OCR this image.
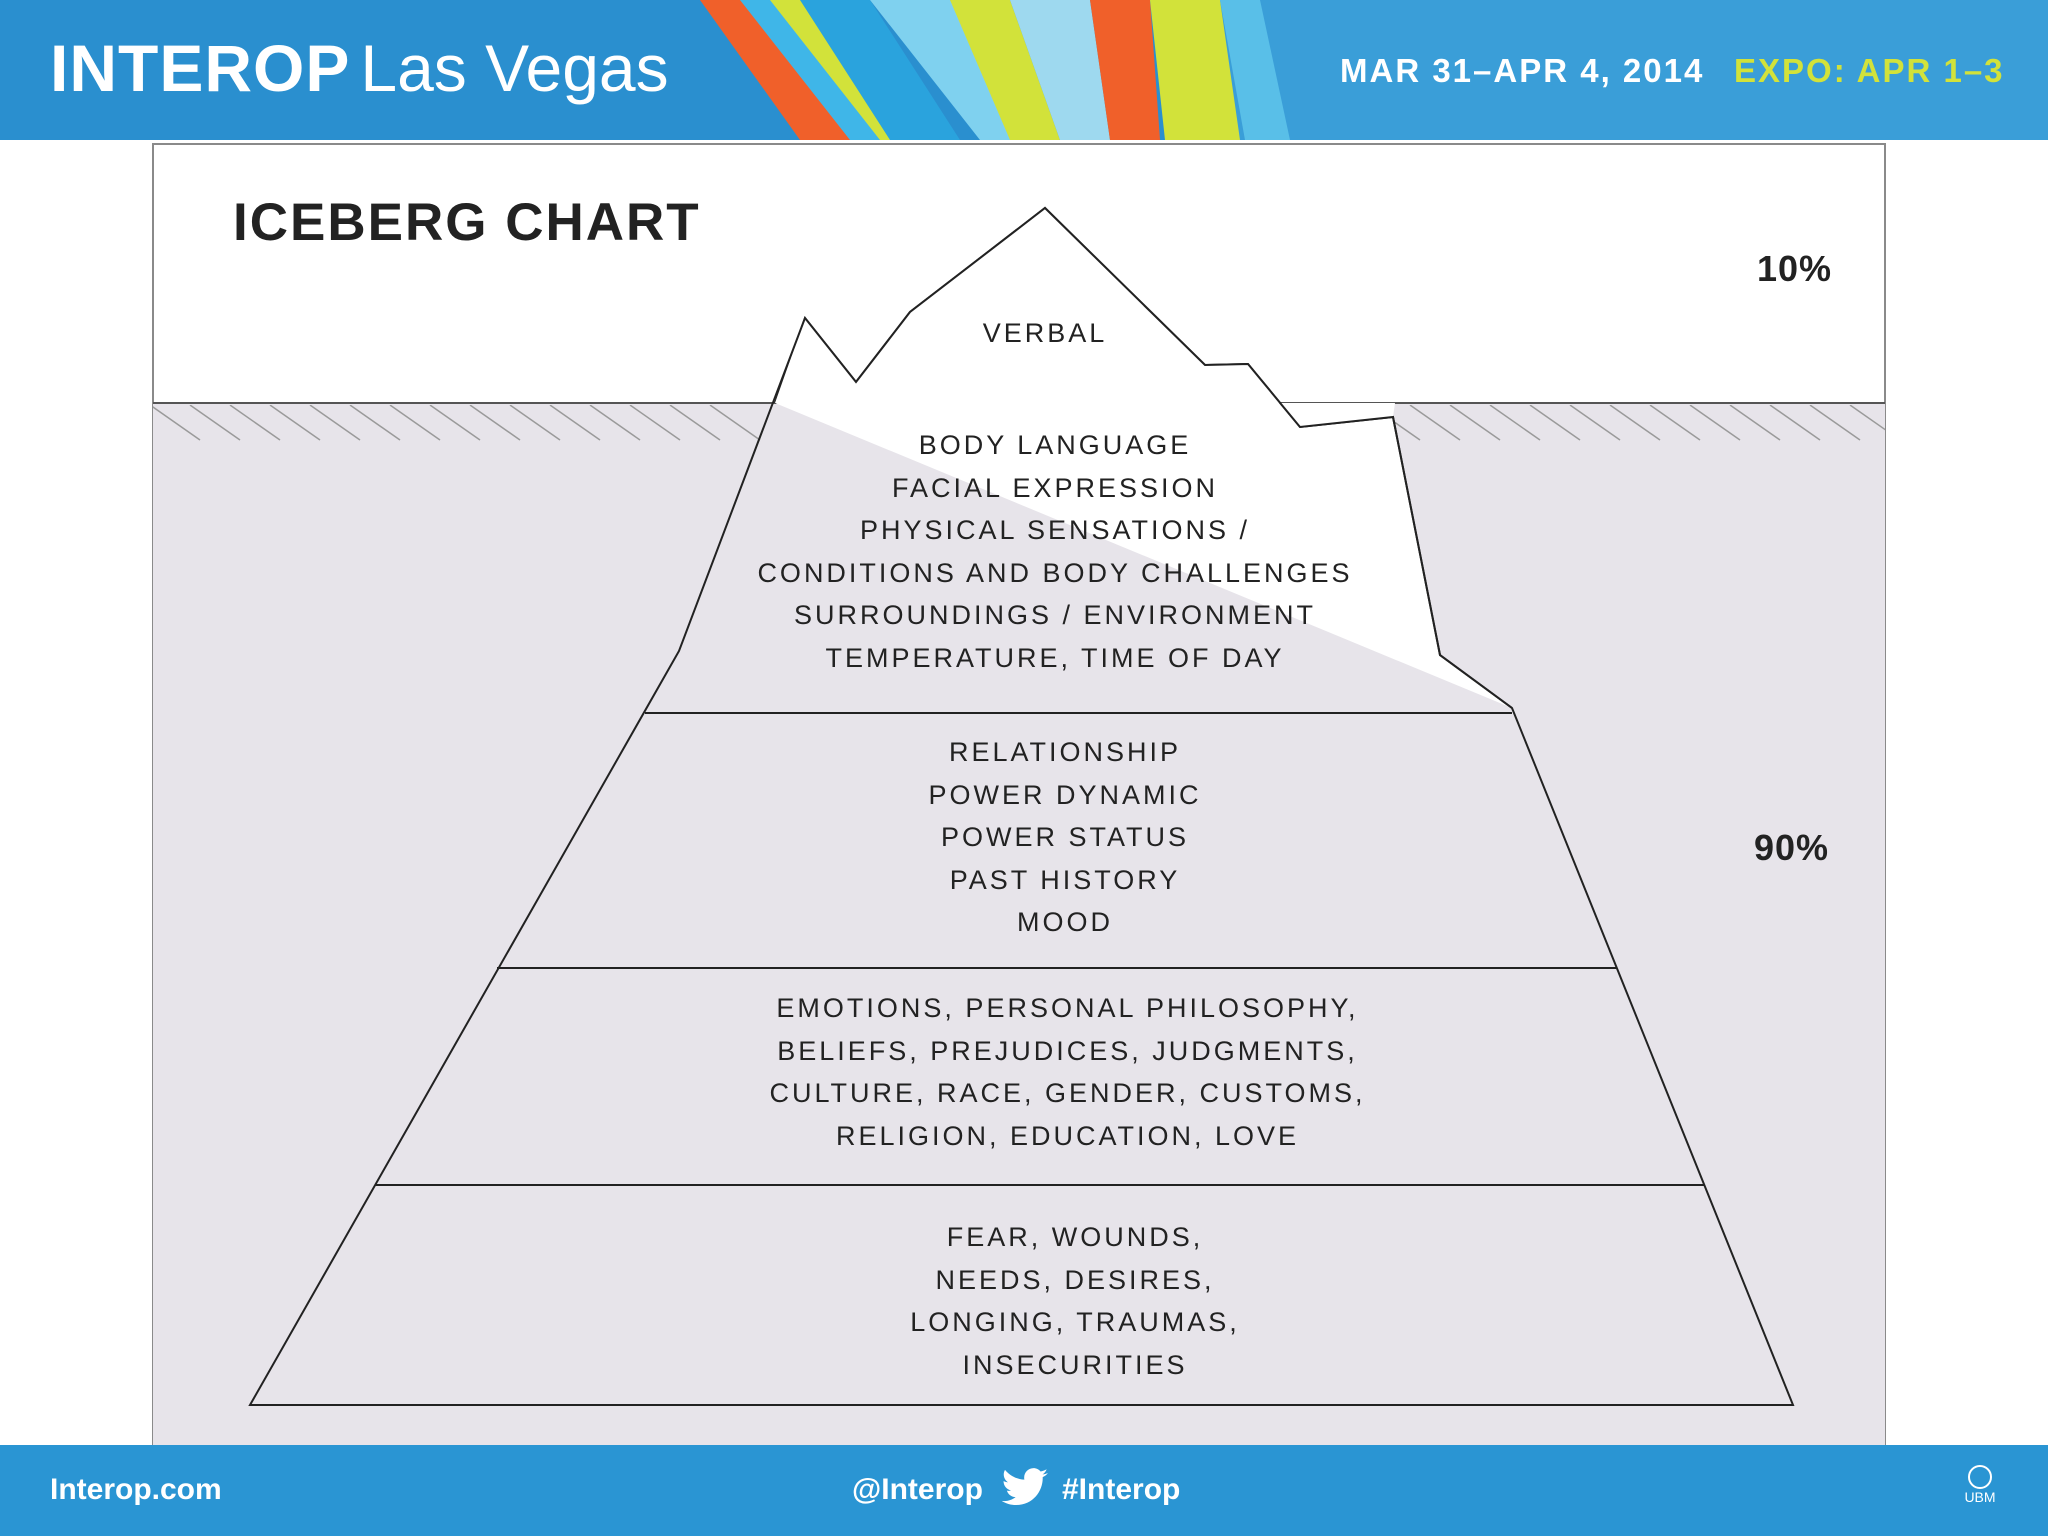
INTEROP Las Vegas	MAR 31–APR 4, 2014 EXPO: APR 1–3
ICEBERG CHART
10%
90%
VERBAL
BODY LANGUAGE
FACIAL EXPRESSION
PHYSICAL SENSATIONS /
CONDITIONS AND BODY CHALLENGES
SURROUNDINGS / ENVIRONMENT
TEMPERATURE, TIME OF DAY
RELATIONSHIP
POWER DYNAMIC
POWER STATUS
PAST HISTORY
MOOD
EMOTIONS, PERSONAL PHILOSOPHY,
BELIEFS, PREJUDICES, JUDGMENTS,
CULTURE, RACE, GENDER, CUSTOMS,
RELIGION, EDUCATION, LOVE
FEAR, WOUNDS,
NEEDS, DESIRES,
LONGING, TRAUMAS,
INSECURITIES
Interop.com	@Interop	#Interop	UBM
